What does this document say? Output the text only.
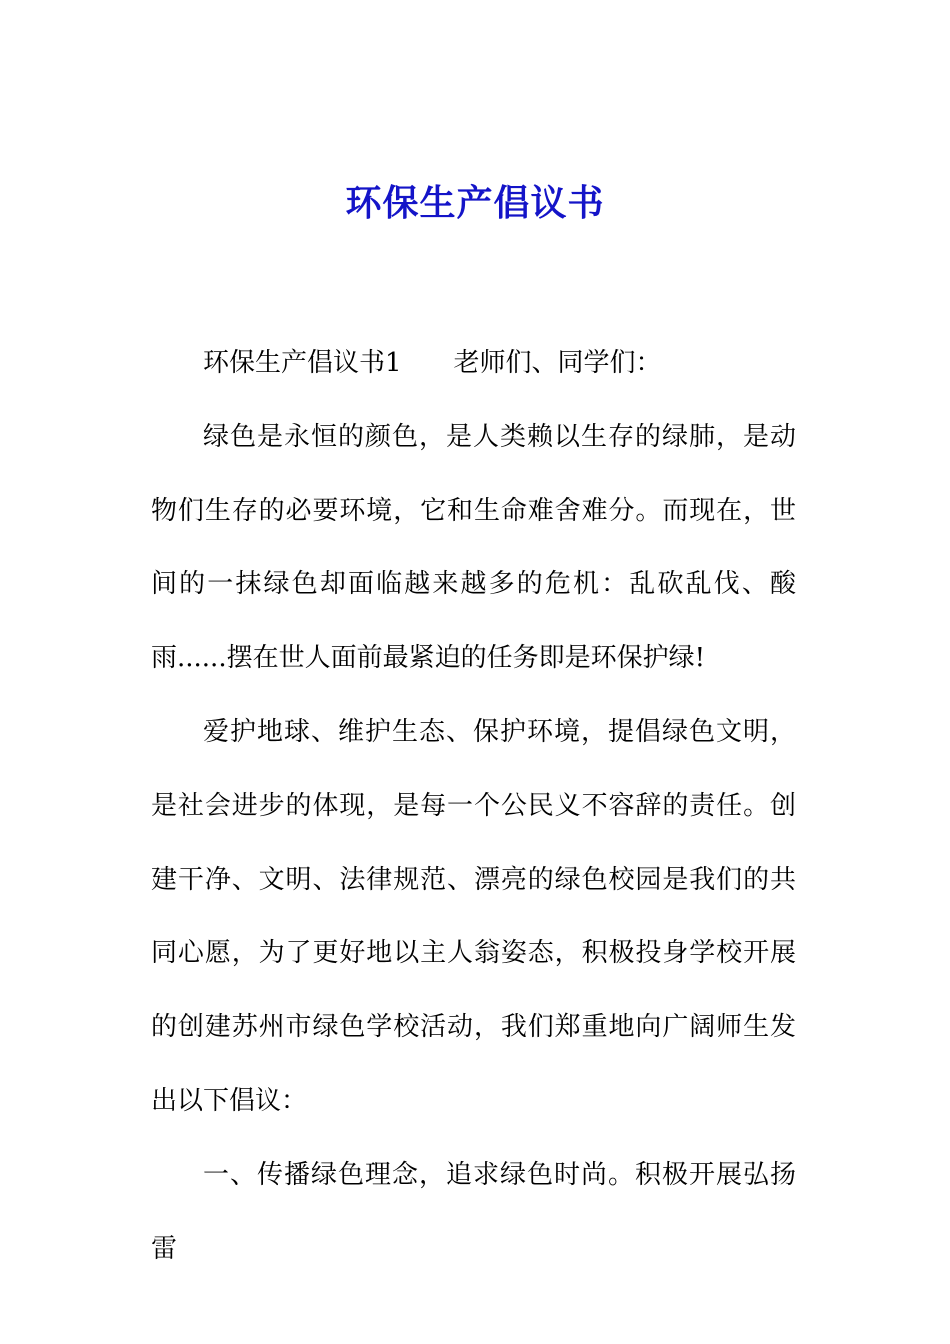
环保生产倡议书

环保生产倡议书1 老师们、同学们：

绿色是永恒的颜色，是人类赖以生存的绿肺，是动物们生存的必要环境，它和生命难舍难分。而现在，世间的一抹绿色却面临越来越多的危机：乱砍乱伐、酸雨......摆在世人面前最紧迫的任务即是环保护绿!

爱护地球、维护生态、保护环境，提倡绿色文明，是社会进步的体现，是每一个公民义不容辞的责任。创建干净、文明、法律规范、漂亮的绿色校园是我们的共同心愿，为了更好地以主人翁姿态，积极投身学校开展的创建苏州市绿色学校活动，我们郑重地向广阔师生发出以下倡议：

一、传播绿色理念，追求绿色时尚。积极开展弘扬雷
